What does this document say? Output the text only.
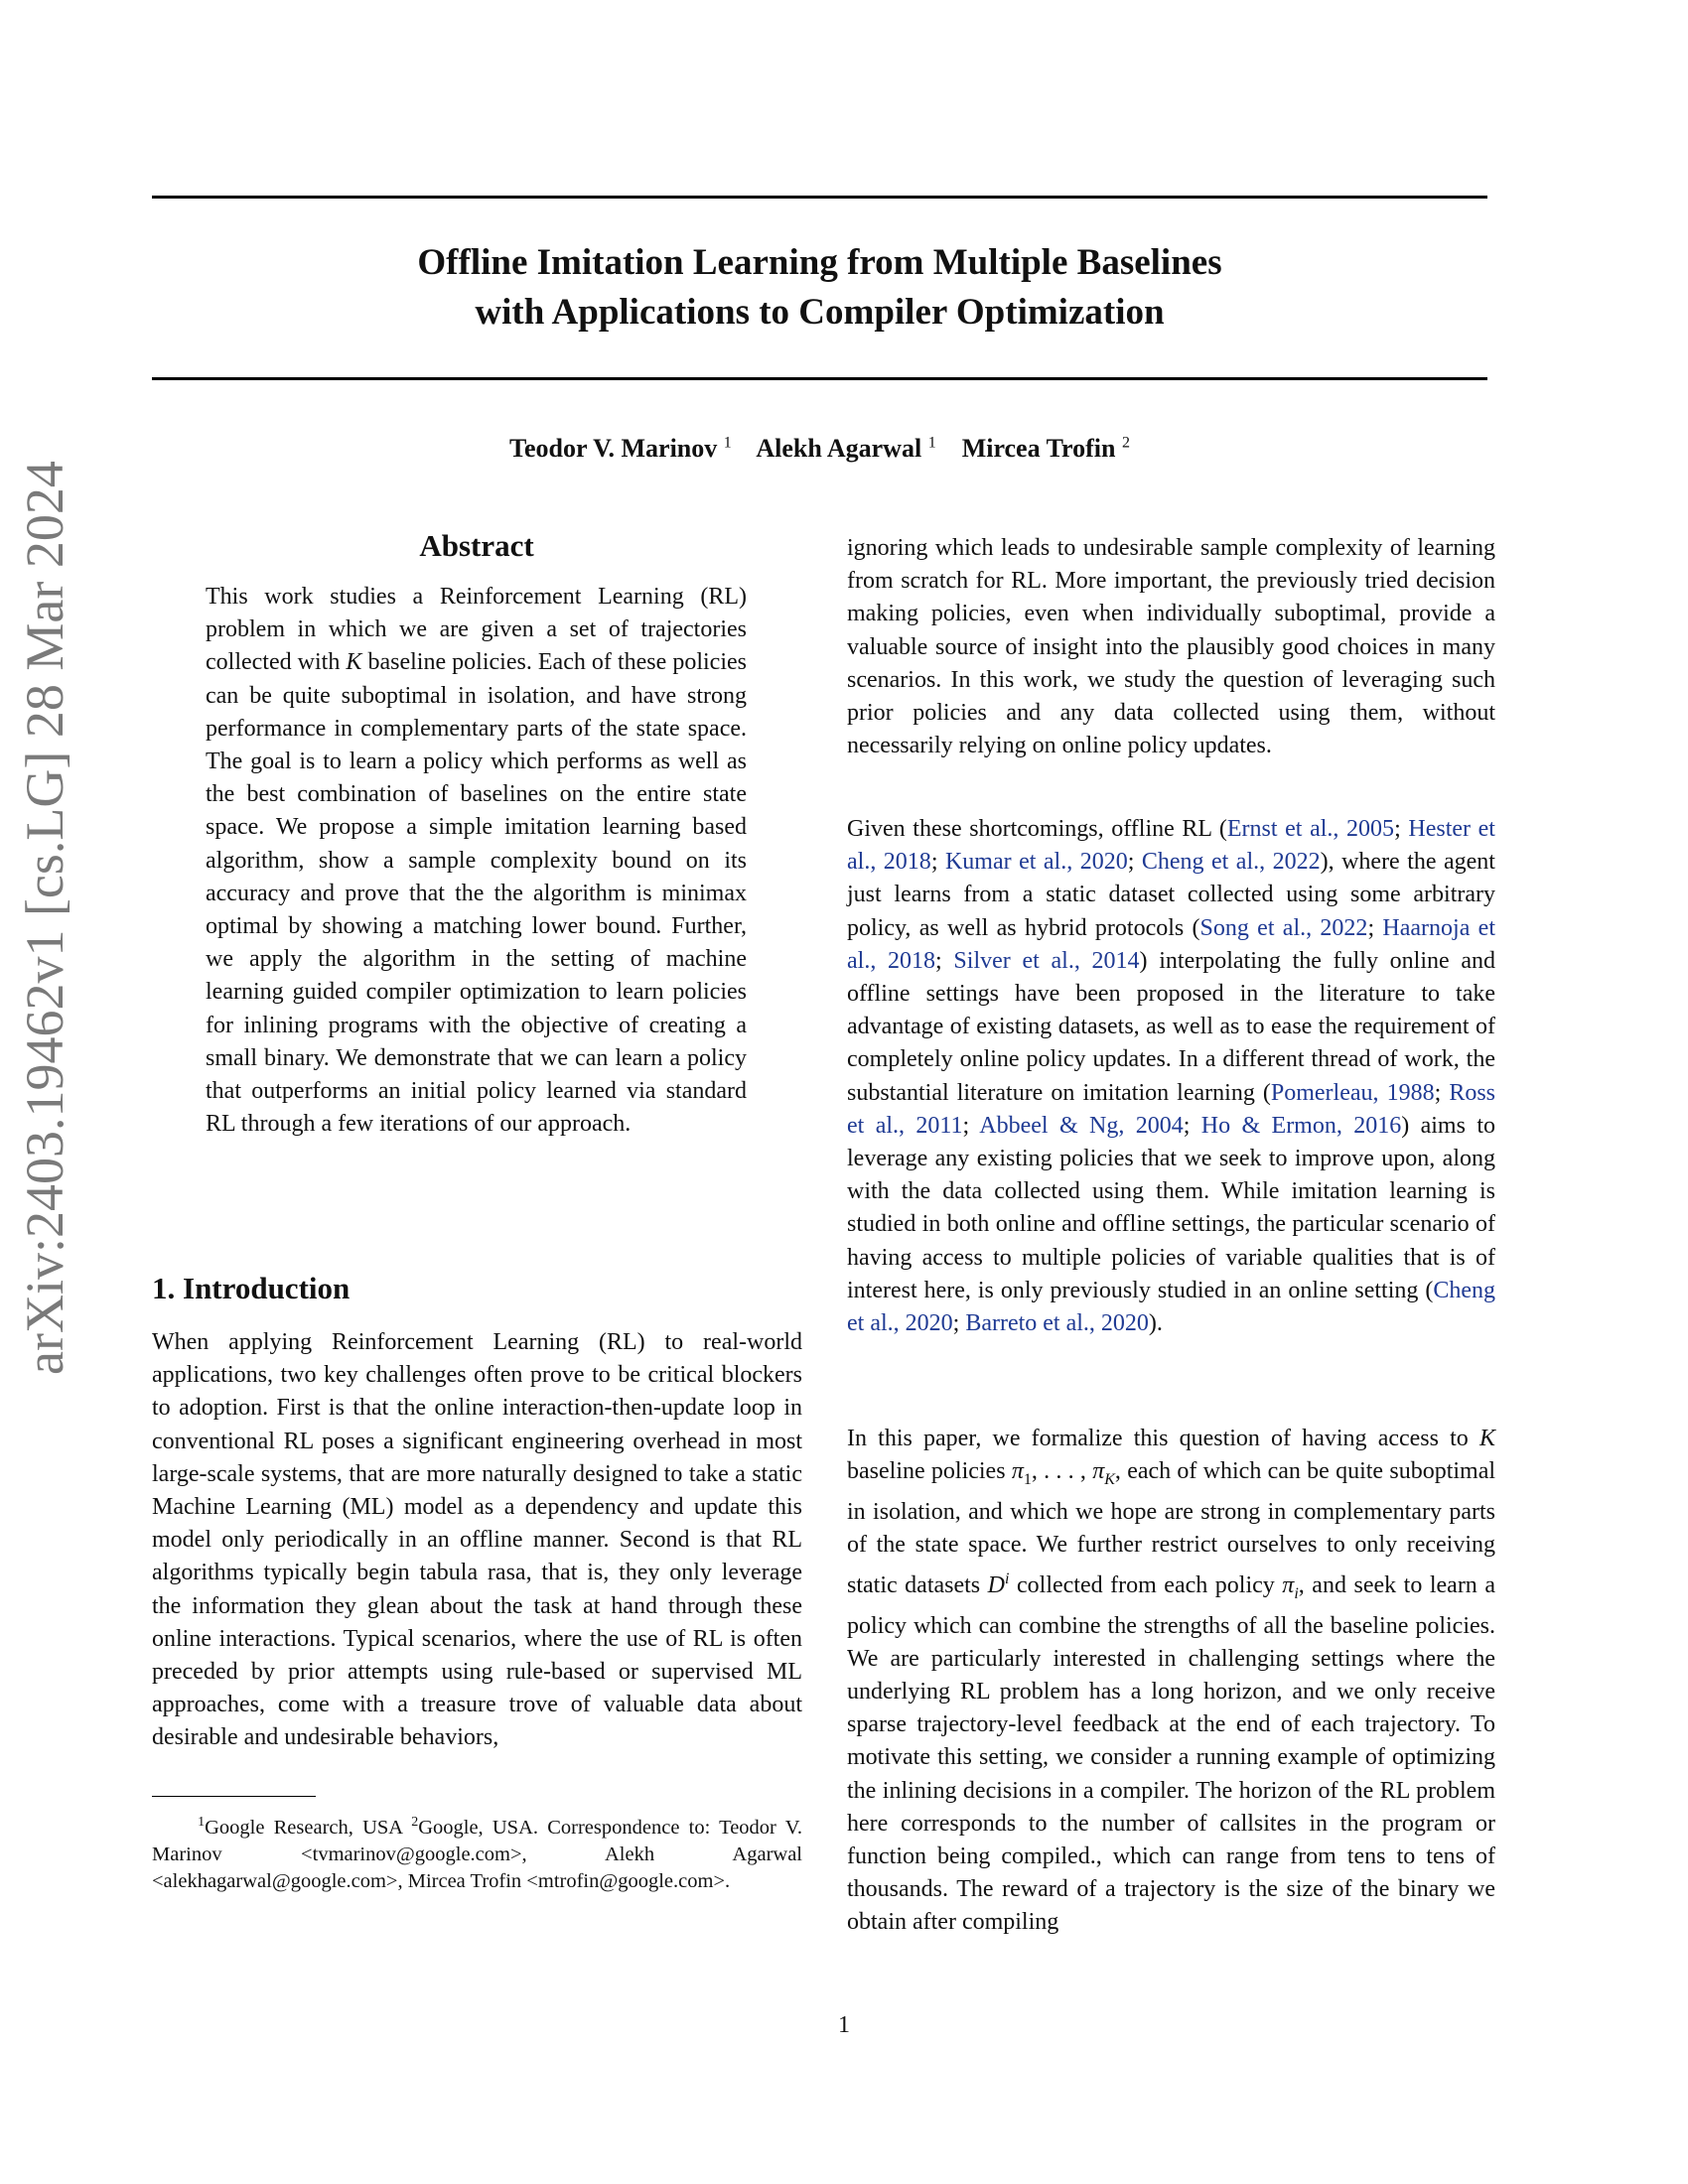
arXiv:2403.19462v1 [cs.LG] 28 Mar 2024
Offline Imitation Learning from Multiple Baselines
with Applications to Compiler Optimization
Teodor V. Marinov $^1$ Alekh Agarwal $^1$ Mircea Trofin $^2$
Abstract
This work studies a Reinforcement Learning (RL) problem in which we are given a set of trajectories collected with K baseline policies. Each of these policies can be quite suboptimal in isolation, and have strong performance in complementary parts of the state space. The goal is to learn a policy which performs as well as the best combination of baselines on the entire state space. We propose a simple imitation learning based algorithm, show a sample complexity bound on its accuracy and prove that the the algorithm is minimax optimal by showing a matching lower bound. Further, we apply the algorithm in the setting of machine learning guided compiler optimization to learn policies for inlining programs with the objective of creating a small binary. We demonstrate that we can learn a policy that outperforms an initial policy learned via standard RL through a few iterations of our approach.
1. Introduction
When applying Reinforcement Learning (RL) to real-world applications, two key challenges often prove to be critical blockers to adoption. First is that the online interaction-then-update loop in conventional RL poses a significant engineering overhead in most large-scale systems, that are more naturally designed to take a static Machine Learning (ML) model as a dependency and update this model only periodically in an offline manner. Second is that RL algorithms typically begin tabula rasa, that is, they only leverage the information they glean about the task at hand through these online interactions. Typical scenarios, where the use of RL is often preceded by prior attempts using rule-based or supervised ML approaches, come with a treasure trove of valuable data about desirable and undesirable behaviors,
$^1$Google Research, USA $^2$Google, USA. Correspondence to: Teodor V. Marinov <tvmarinov@google.com>, Alekh Agarwal <alekhagarwal@google.com>, Mircea Trofin <mtrofin@google.com>.
ignoring which leads to undesirable sample complexity of learning from scratch for RL. More important, the previously tried decision making policies, even when individually suboptimal, provide a valuable source of insight into the plausibly good choices in many scenarios. In this work, we study the question of leveraging such prior policies and any data collected using them, without necessarily relying on online policy updates.
Given these shortcomings, offline RL (Ernst et al., 2005; Hester et al., 2018; Kumar et al., 2020; Cheng et al., 2022), where the agent just learns from a static dataset collected using some arbitrary policy, as well as hybrid protocols (Song et al., 2022; Haarnoja et al., 2018; Silver et al., 2014) interpolating the fully online and offline settings have been proposed in the literature to take advantage of existing datasets, as well as to ease the requirement of completely online policy updates. In a different thread of work, the substantial literature on imitation learning (Pomerleau, 1988; Ross et al., 2011; Abbeel & Ng, 2004; Ho & Ermon, 2016) aims to leverage any existing policies that we seek to improve upon, along with the data collected using them. While imitation learning is studied in both online and offline settings, the particular scenario of having access to multiple policies of variable qualities that is of interest here, is only previously studied in an online setting (Cheng et al., 2020; Barreto et al., 2020).
In this paper, we formalize this question of having access to K baseline policies $\pi_1$, . . . , $\pi_K$, each of which can be quite suboptimal in isolation, and which we hope are strong in complementary parts of the state space. We further restrict ourselves to only receiving static datasets $D^i$ collected from each policy $\pi_i$, and seek to learn a policy which can combine the strengths of all the baseline policies. We are particularly interested in challenging settings where the underlying RL problem has a long horizon, and we only receive sparse trajectory-level feedback at the end of each trajectory. To motivate this setting, we consider a running example of optimizing the inlining decisions in a compiler. The horizon of the RL problem here corresponds to the number of callsites in the program or function being compiled., which can range from tens to tens of thousands. The reward of a trajectory is the size of the binary we obtain after compiling
1
